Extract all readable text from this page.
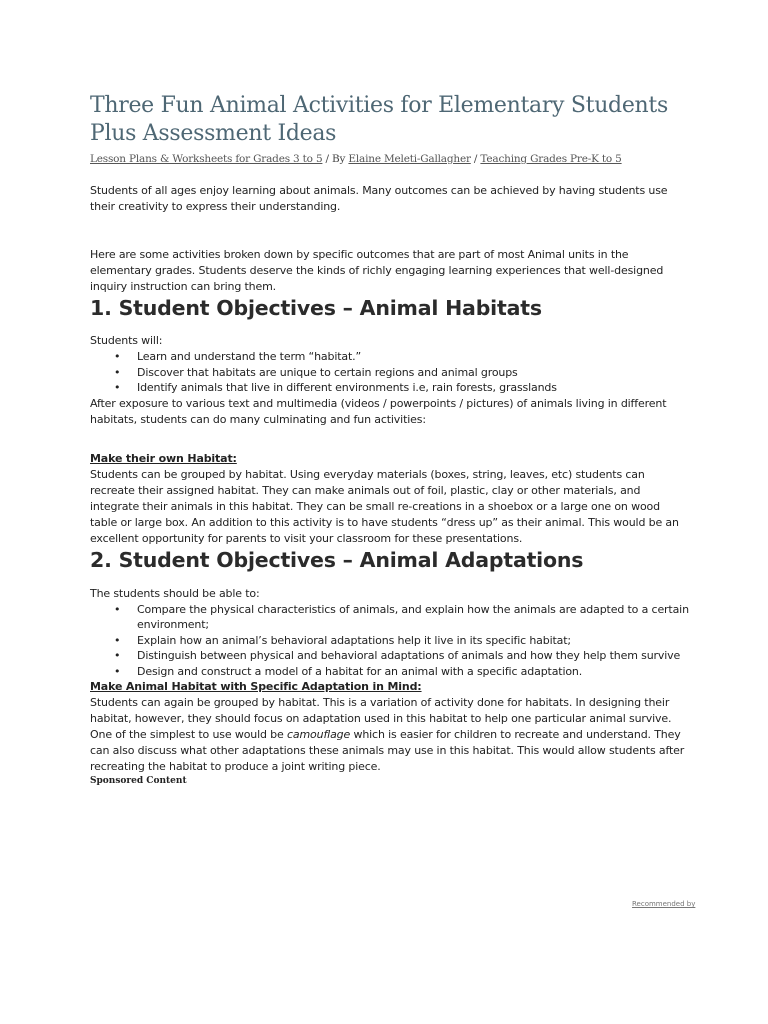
Three Fun Animal Activities for Elementary Students Plus Assessment Ideas
Lesson Plans & Worksheets for Grades 3 to 5 / By Elaine Meleti-Gallagher / Teaching Grades Pre-K to 5

Students of all ages enjoy learning about animals. Many outcomes can be achieved by having students use their creativity to express their understanding.

Here are some activities broken down by specific outcomes that are part of most Animal units in the elementary grades. Students deserve the kinds of richly engaging learning experiences that well-designed inquiry instruction can bring them.

1. Student Objectives – Animal Habitats

Students will:

• Learn and understand the term “habitat.”
• Discover that habitats are unique to certain regions and animal groups
• Identify animals that live in different environments i.e, rain forests, grasslands

After exposure to various text and multimedia (videos / powerpoints / pictures) of animals living in different habitats, students can do many culminating and fun activities:

Make their own Habitat:

Students can be grouped by habitat. Using everyday materials (boxes, string, leaves, etc) students can recreate their assigned habitat. They can make animals out of foil, plastic, clay or other materials, and integrate their animals in this habitat. They can be small re-creations in a shoebox or a large one on wood table or large box. An addition to this activity is to have students “dress up” as their animal. This would be an excellent opportunity for parents to visit your classroom for these presentations.

2. Student Objectives – Animal Adaptations

The students should be able to:

• Compare the physical characteristics of animals, and explain how the animals are adapted to a certain environment;
• Explain how an animal’s behavioral adaptations help it live in its specific habitat;
• Distinguish between physical and behavioral adaptations of animals and how they help them survive
• Design and construct a model of a habitat for an animal with a specific adaptation.

Make Animal Habitat with Specific Adaptation in Mind:

Students can again be grouped by habitat. This is a variation of activity done for habitats. In designing their habitat, however, they should focus on adaptation used in this habitat to help one particular animal survive. One of the simplest to use would be camouflage which is easier for children to recreate and understand. They can also discuss what other adaptations these animals may use in this habitat. This would allow students after recreating the habitat to produce a joint writing piece.

Sponsored Content
Recommended by
